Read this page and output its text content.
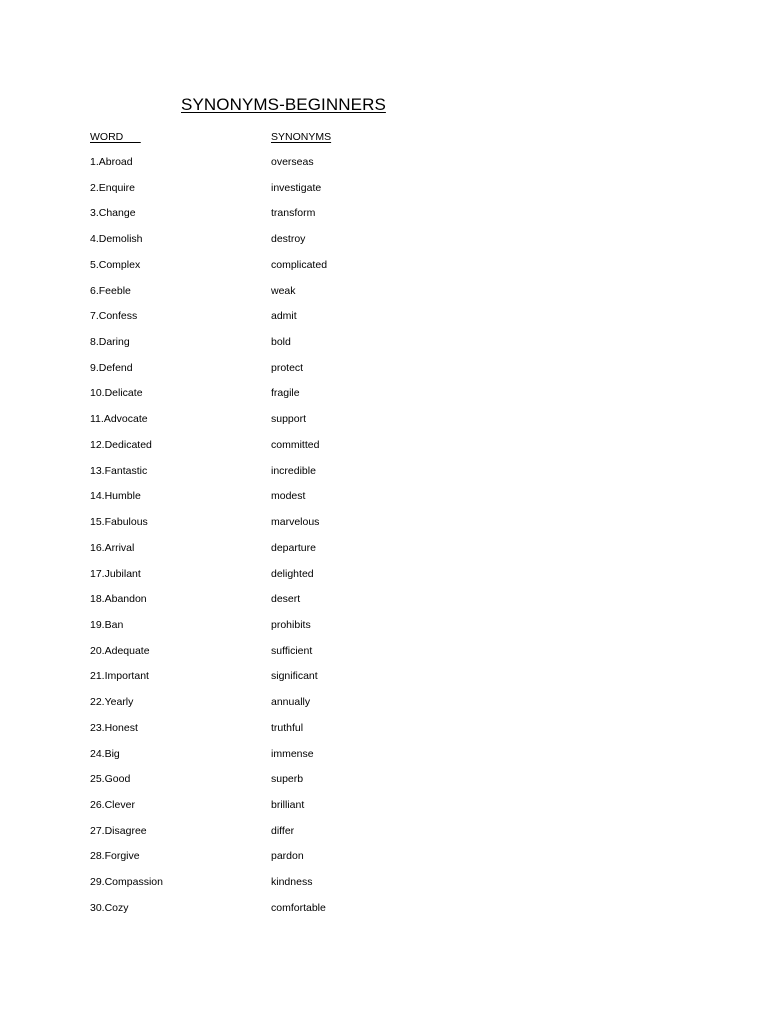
SYNONYMS-BEGINNERS
WORD	SYNONYMS
1.Abroad	overseas
2.Enquire	investigate
3.Change	transform
4.Demolish	destroy
5.Complex	complicated
6.Feeble	weak
7.Confess	admit
8.Daring	bold
9.Defend	protect
10.Delicate	fragile
11.Advocate	support
12.Dedicated	committed
13.Fantastic	incredible
14.Humble	modest
15.Fabulous	marvelous
16.Arrival	departure
17.Jubilant	delighted
18.Abandon	desert
19.Ban	prohibits
20.Adequate	sufficient
21.Important	significant
22.Yearly	annually
23.Honest	truthful
24.Big	immense
25.Good	superb
26.Clever	brilliant
27.Disagree	differ
28.Forgive	pardon
29.Compassion	kindness
30.Cozy	comfortable
